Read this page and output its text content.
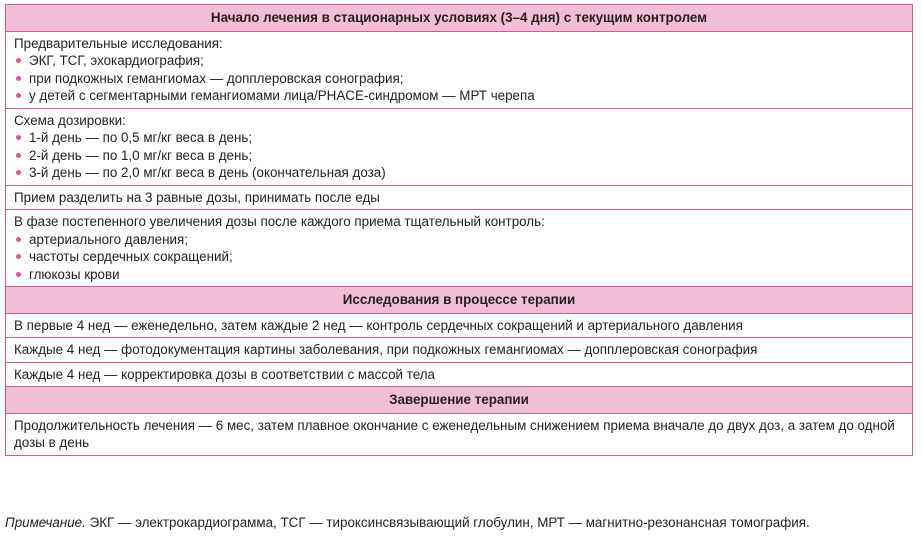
Начало лечения в стационарных условиях (3–4 дня) с текущим контролем
Предварительные исследования:
ЭКГ, ТСГ, эхокардиография;
при подкожных гемангиомах — допплеровская сонография;
у детей с сегментарными гемангиомами лица/PHACE-синдромом — МРТ черепа
Схема дозировки:
1-й день — по 0,5 мг/кг веса в день;
2-й день — по 1,0 мг/кг веса в день;
3-й день — по 2,0 мг/кг веса в день (окончательная доза)
Прием разделить на 3 равные дозы, принимать после еды
В фазе постепенного увеличения дозы после каждого приема тщательный контроль:
артериального давления;
частоты сердечных сокращений;
глюкозы крови
Исследования в процессе терапии
В первые 4 нед — еженедельно, затем каждые 2 нед — контроль сердечных сокращений и артериального давления
Каждые 4 нед — фотодокументация картины заболевания, при подкожных гемангиомах — допплеровская сонография
Каждые 4 нед — корректировка дозы в соответствии с массой тела
Завершение терапии
Продолжительность лечения — 6 мес, затем плавное окончание с еженедельным снижением приема вначале до двух доз, а затем до одной дозы в день
Примечание. ЭКГ — электрокардиограмма, ТСГ — тироксинсвязывающий глобулин, МРТ — магнитно-резонансная томография.
